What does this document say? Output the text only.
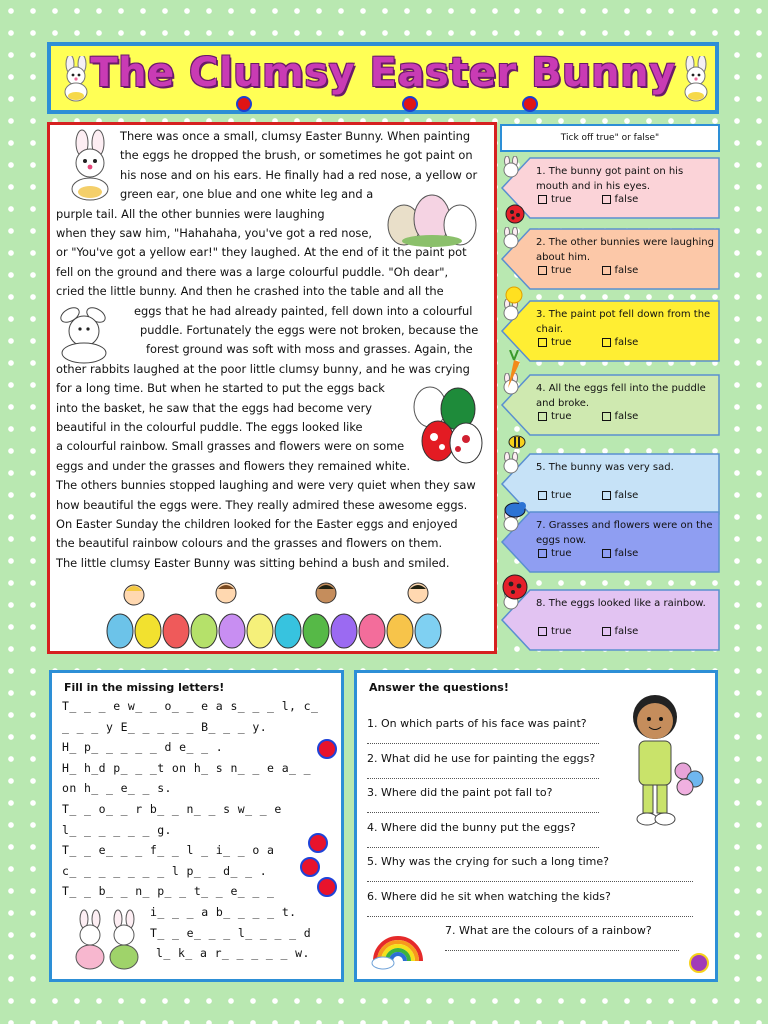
The Clumsy Easter Bunny
There was once a small, clumsy Easter Bunny. When painting
the eggs he dropped the brush, or sometimes he got paint on
his nose and on his ears. He finally had a red nose, a yellow or
green ear, one blue and one white leg and a
purple tail. All the other bunnies were laughing
when they saw him, "Hahahaha, you've got a red nose,
or "You've got a yellow ear!" they laughed. At the end of it the paint pot
fell on the ground and there was a large colourful puddle. "Oh dear",
cried the little bunny. And then he crashed into the table and all the
eggs that he had already painted, fell down into a colourful
puddle. Fortunately the eggs were not broken, because the
forest ground was soft with moss and grasses. Again, the
other rabbits laughed at the poor little clumsy bunny, and he was crying
for a long time. But when he started to put the eggs back
into the basket, he saw that the eggs had become very
beautiful in the colourful puddle. The eggs looked like
a colourful rainbow. Small grasses and flowers were on some
eggs and under the grasses and flowers they remained white.
The others bunnies stopped laughing and were very quiet when they saw
how beautiful the eggs were. They really admired these awesome eggs.
On Easter Sunday the children looked for the Easter eggs and enjoyed
the beautiful rainbow colours and the grasses and flowers on them.
The little clumsy Easter Bunny was sitting behind a bush and smiled.
Tick off true" or false"
1. The bunny got paint on his mouth and in his eyes.
true	false
2. The other bunnies were laughing about him.
true	false
3. The paint pot fell down from the chair.
true	false
4. All the eggs fell into the puddle and broke.
true	false
5. The bunny was very sad.
true	false
7. Grasses and flowers were on the eggs now.
true	false
8. The eggs looked like a rainbow.
true	false
Fill in the missing letters!
T_ _ _ e w_ _ o_ _ e a s_ _ _ l, c_
_ _ _ y E_ _ _ _ _ B_ _ _ y.
H_ p_ _ _ _ _ d e_ _ .
H_ h_d p_ _ _t on h_ s n_ _ e a_ _
on h_ _ e_ _ s.
T_ _ o_ _ r b_ _ n_ _ s w_ _ e
l_ _ _ _ _ _ g.
T_ _ e_ _ _ f_ _ l _ i_ _ o a
c_ _ _ _ _ _ _ l p_ _ d_ _ .
T_ _ b_ _ n_ p_ _ t_ _ e_ _ _
i_ _ _ a b_ _ _ _ t.
T_ _ e_ _ _ l_ _ _ _ d
l_ k_ a r_ _ _ _ _ w.
Answer the questions!
1. On which parts of his face was paint?
2. What did he use for painting the eggs?
3. Where did the paint pot fall to?
4. Where did the bunny put the eggs?
5. Why was the crying for such a long time?
6. Where did he sit when watching the kids?
7. What are the colours of a rainbow?
